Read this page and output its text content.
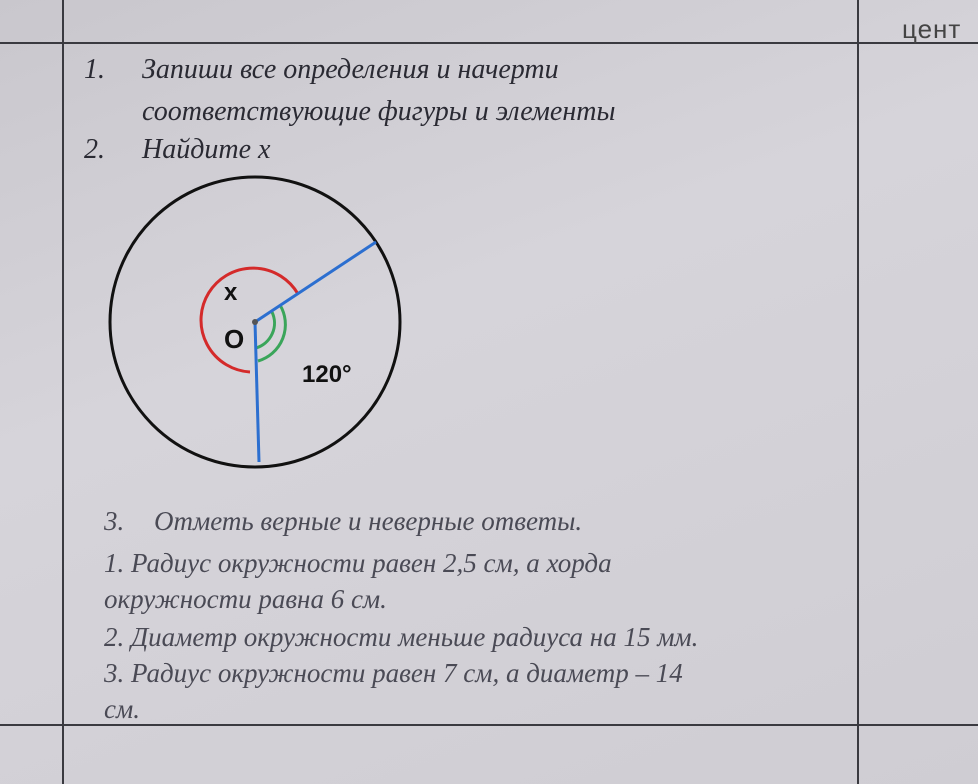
цент
1. Запиши все определения и начерти
соответствующие фигуры и элементы
2. Найдите x
x
O
120°
3. Отметь верные и неверные ответы.
1. Радиус окружности равен 2,5 см, а хорда
окружности равна 6 см.
2. Диаметр окружности меньше радиуса на 15 мм.
3. Радиус окружности равен 7 см, а диаметр – 14
см.
